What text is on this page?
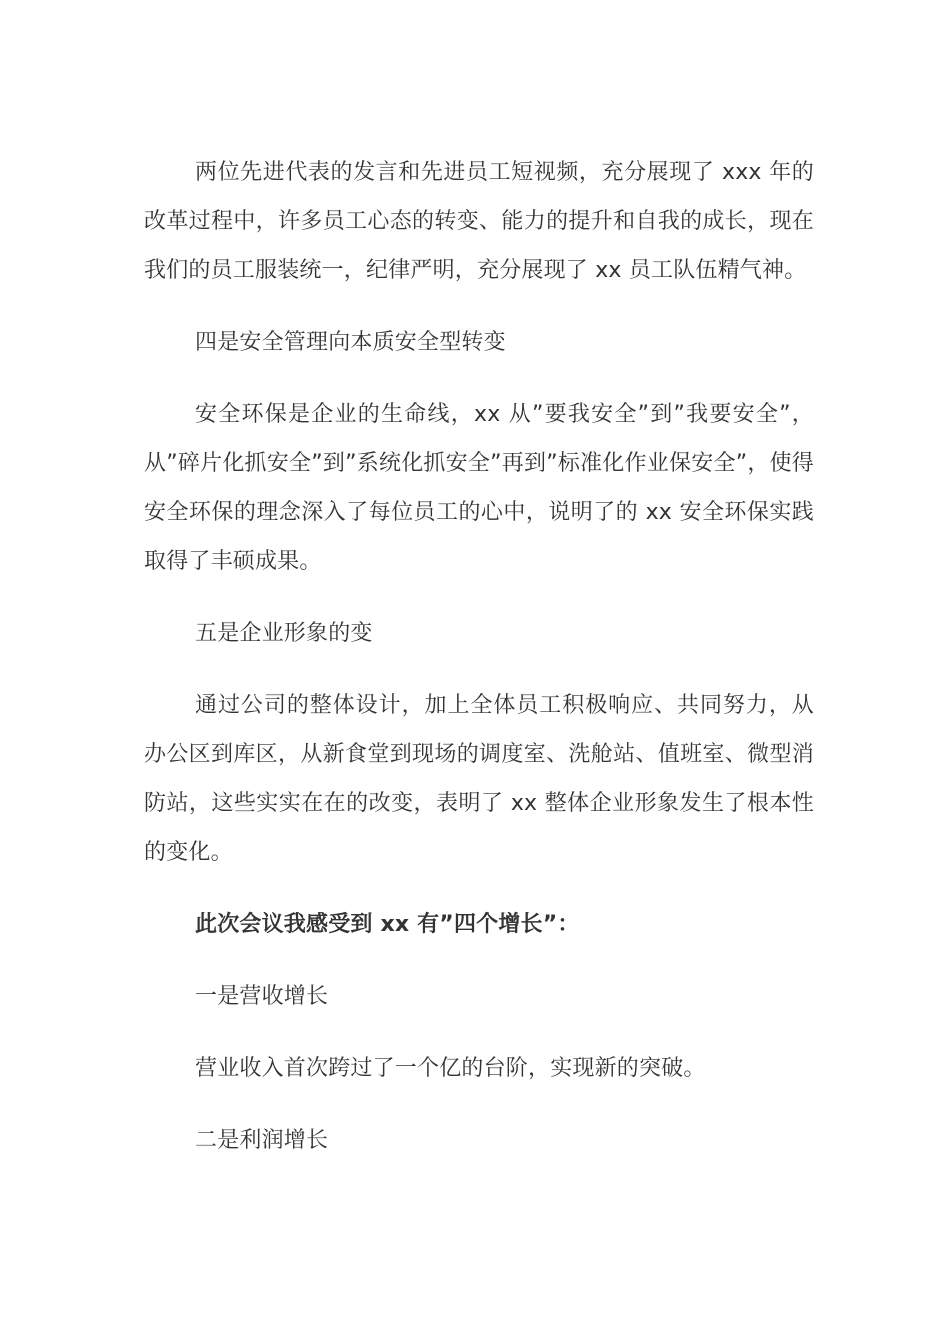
两位先进代表的发言和先进员工短视频，充分展现了 xxx 年的改革过程中，许多员工心态的转变、能力的提升和自我的成长，现在我们的员工服装统一，纪律严明，充分展现了 xx 员工队伍精气神。

四是安全管理向本质安全型转变

安全环保是企业的生命线，xx 从”要我安全”到”我要安全”，从”碎片化抓安全”到”系统化抓安全”再到”标准化作业保安全”，使得安全环保的理念深入了每位员工的心中，说明了的 xx 安全环保实践取得了丰硕成果。

五是企业形象的变

通过公司的整体设计，加上全体员工积极响应、共同努力，从办公区到库区，从新食堂到现场的调度室、洗舱站、值班室、微型消防站，这些实实在在的改变，表明了 xx 整体企业形象发生了根本性的变化。

此次会议我感受到 xx 有”四个增长”：

一是营收增长

营业收入首次跨过了一个亿的台阶，实现新的突破。

二是利润增长
